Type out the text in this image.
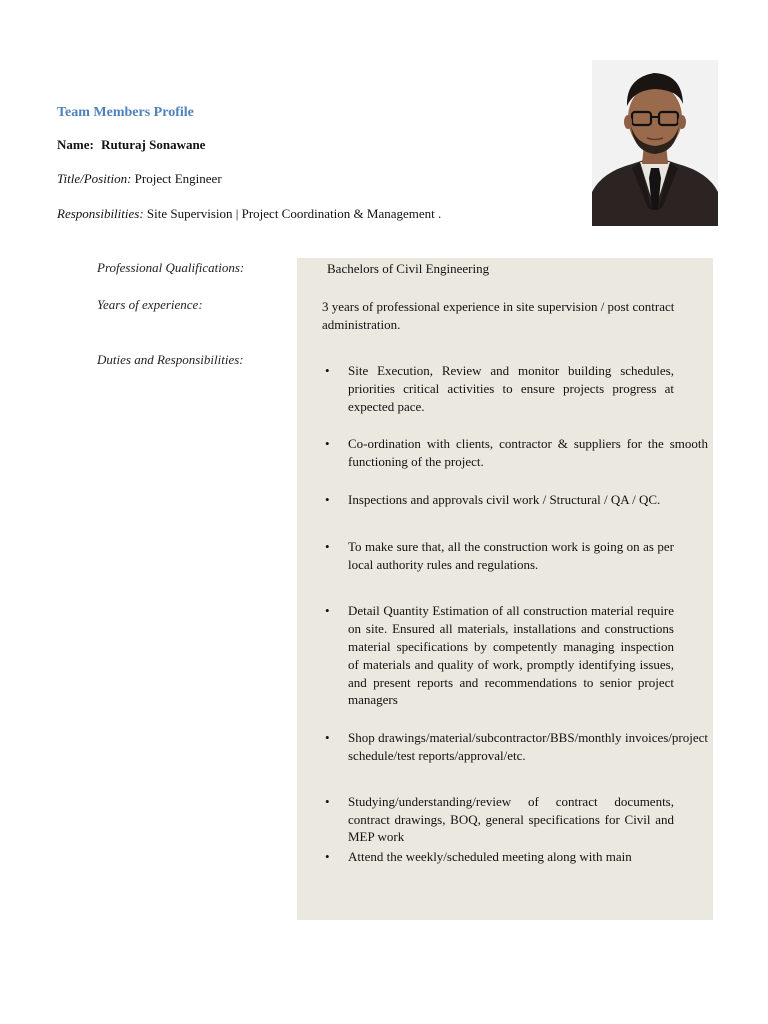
Team Members Profile
Name: Ruturaj Sonawane
Title/Position: Project Engineer
Responsibilities: Site Supervision | Project Coordination & Management .
Professional Qualifications:	Bachelors of Civil Engineering
Years of experience:	3 years of professional experience in site supervision / post contract administration.
Duties and Responsibilities:
• Site Execution, Review and monitor building schedules, priorities critical activities to ensure projects progress at expected pace.
• Co-ordination with clients, contractor & suppliers for the smooth functioning of the project.
• Inspections and approvals civil work / Structural / QA / QC.
• To make sure that, all the construction work is going on as per local authority rules and regulations.
• Detail Quantity Estimation of all construction material require on site. Ensured all materials, installations and constructions material specifications by competently managing inspection of materials and quality of work, promptly identifying issues, and present reports and recommendations to senior project managers
• Shop drawings/material/subcontractor/BBS/monthly invoices/project schedule/test reports/approval/etc.
• Studying/understanding/review of contract documents, contract drawings, BOQ, general specifications for Civil and MEP work
• Attend the weekly/scheduled meeting along with main
